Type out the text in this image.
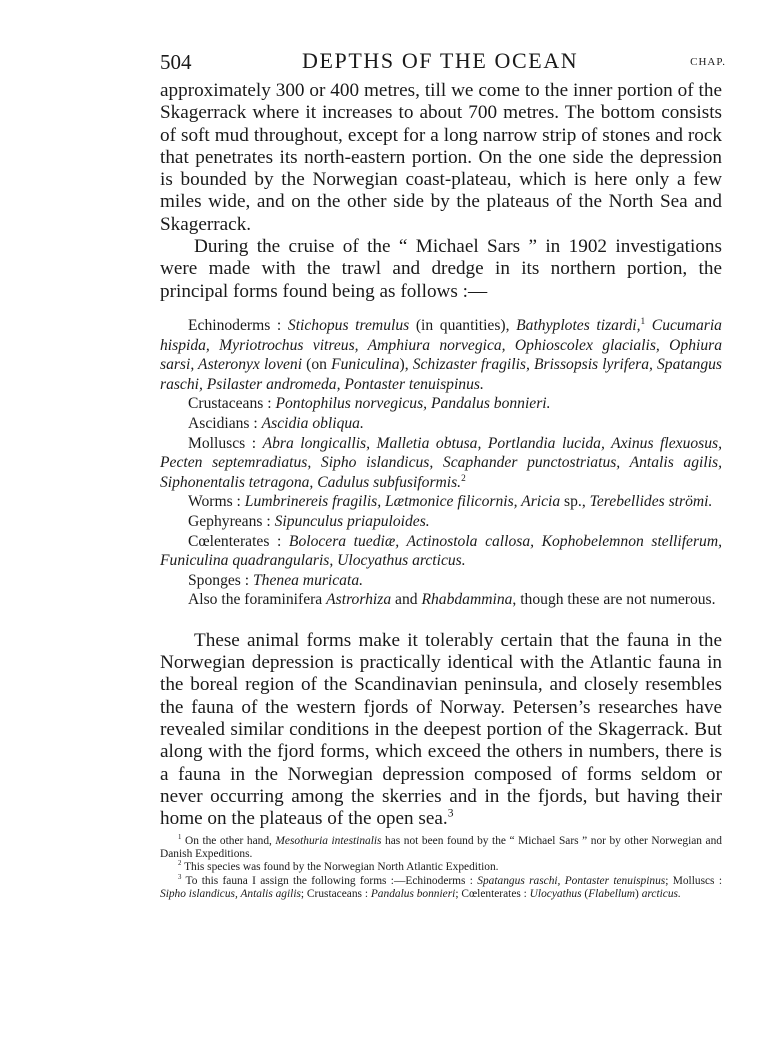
504	DEPTHS OF THE OCEAN	CHAP.

approximately 300 or 400 metres, till we come to the inner portion of the Skagerrack where it increases to about 700 metres. The bottom consists of soft mud throughout, except for a long narrow strip of stones and rock that penetrates its north-eastern portion. On the one side the depression is bounded by the Norwegian coast-plateau, which is here only a few miles wide, and on the other side by the plateaus of the North Sea and Skagerrack.

During the cruise of the “ Michael Sars ” in 1902 investigations were made with the trawl and dredge in its northern portion, the principal forms found being as follows :—

Echinoderms : Stichopus tremulus (in quantities), Bathyplotes tizardi,$^1$ Cucumaria hispida, Myriotrochus vitreus, Amphiura norvegica, Ophioscolex glacialis, Ophiura sarsi, Asteronyx loveni (on Funiculina), Schizaster fragilis, Brissopsis lyrifera, Spatangus raschi, Psilaster andromeda, Pontaster tenuispinus.

Crustaceans : Pontophilus norvegicus, Pandalus bonnieri.

Ascidians : Ascidia obliqua.

Molluscs : Abra longicallis, Malletia obtusa, Portlandia lucida, Axinus flexuosus, Pecten septemradiatus, Sipho islandicus, Scaphander punctostriatus, Antalis agilis, Siphonentalis tetragona, Cadulus subfusiformis.$^2$

Worms : Lumbrinereis fragilis, Lætmonice filicornis, Aricia sp., Terebellides strömi.

Gephyreans : Sipunculus priapuloides.

Cœlenterates : Bolocera tuediæ, Actinostola callosa, Kophobelemnon stelliferum, Funiculina quadrangularis, Ulocyathus arcticus.

Sponges : Thenea muricata.

Also the foraminifera Astrorhiza and Rhabdammina, though these are not numerous.

These animal forms make it tolerably certain that the fauna in the Norwegian depression is practically identical with the Atlantic fauna in the boreal region of the Scandinavian peninsula, and closely resembles the fauna of the western fjords of Norway. Petersen’s researches have revealed similar conditions in the deepest portion of the Skagerrack. But along with the fjord forms, which exceed the others in numbers, there is a fauna in the Norwegian depression composed of forms seldom or never occurring among the skerries and in the fjords, but having their home on the plateaus of the open sea.$^3$

$^1$ On the other hand, Mesothuria intestinalis has not been found by the “ Michael Sars ” nor by other Norwegian and Danish Expeditions.

$^2$ This species was found by the Norwegian North Atlantic Expedition.

$^3$ To this fauna I assign the following forms :—Echinoderms : Spatangus raschi, Pontaster tenuispinus; Molluscs : Sipho islandicus, Antalis agilis; Crustaceans : Pandalus bonnieri; Cœlenterates : Ulocyathus (Flabellum) arcticus.
